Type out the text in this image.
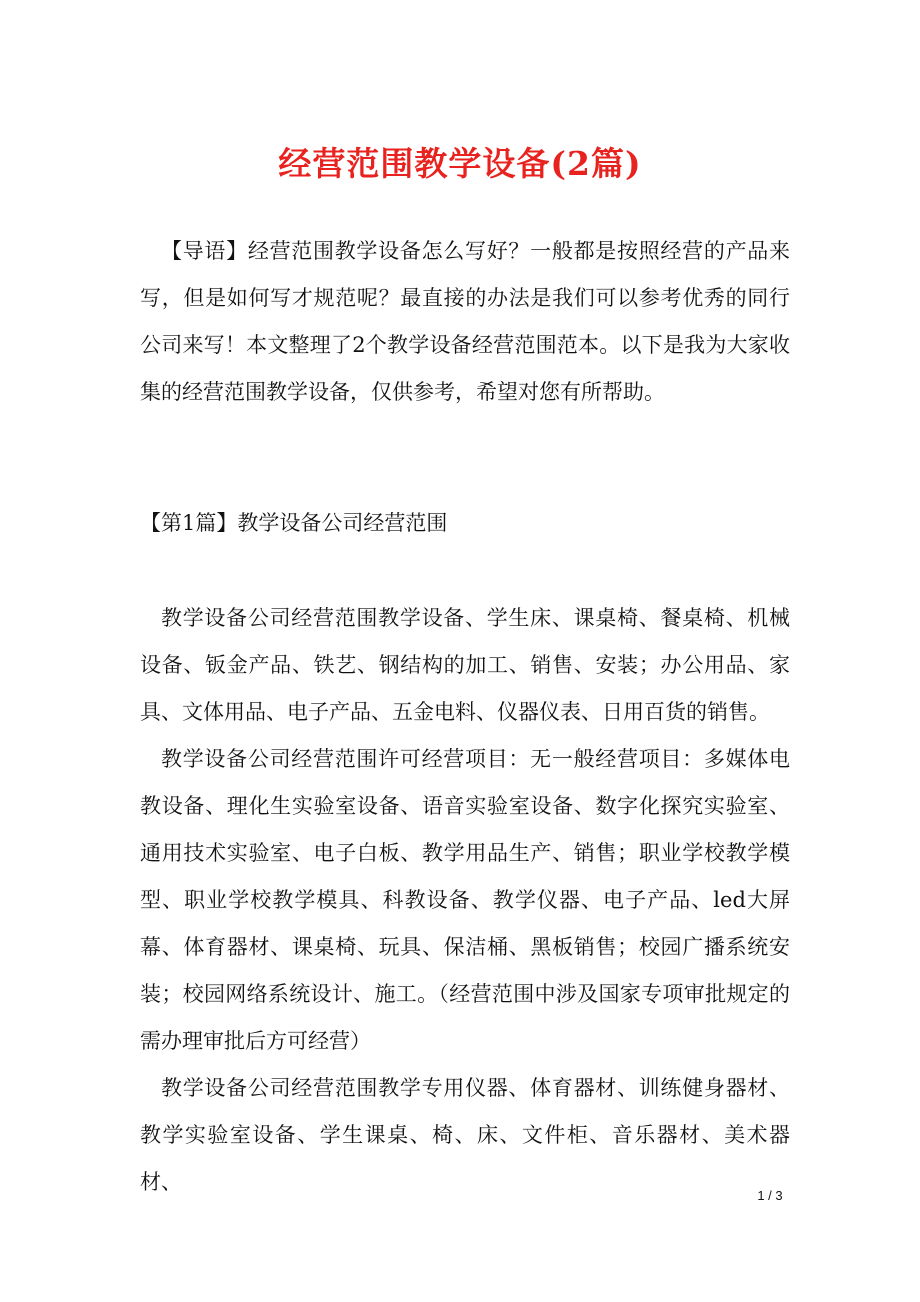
经营范围教学设备(2篇)

【导语】经营范围教学设备怎么写好？一般都是按照经营的产品来写，但是如何写才规范呢？最直接的办法是我们可以参考优秀的同行公司来写！本文整理了2个教学设备经营范围范本。以下是我为大家收集的经营范围教学设备，仅供参考，希望对您有所帮助。

【第1篇】教学设备公司经营范围

教学设备公司经营范围教学设备、学生床、课桌椅、餐桌椅、机械设备、钣金产品、铁艺、钢结构的加工、销售、安装；办公用品、家具、文体用品、电子产品、五金电料、仪器仪表、日用百货的销售。

教学设备公司经营范围许可经营项目：无一般经营项目：多媒体电教设备、理化生实验室设备、语音实验室设备、数字化探究实验室、通用技术实验室、电子白板、教学用品生产、销售；职业学校教学模型、职业学校教学模具、科教设备、教学仪器、电子产品、led大屏幕、体育器材、课桌椅、玩具、保洁桶、黑板销售；校园广播系统安装；校园网络系统设计、施工。（经营范围中涉及国家专项审批规定的需办理审批后方可经营）

教学设备公司经营范围教学专用仪器、体育器材、训练健身器材、教学实验室设备、学生课桌、椅、床、文件柜、音乐器材、美术器材、

1 / 3
